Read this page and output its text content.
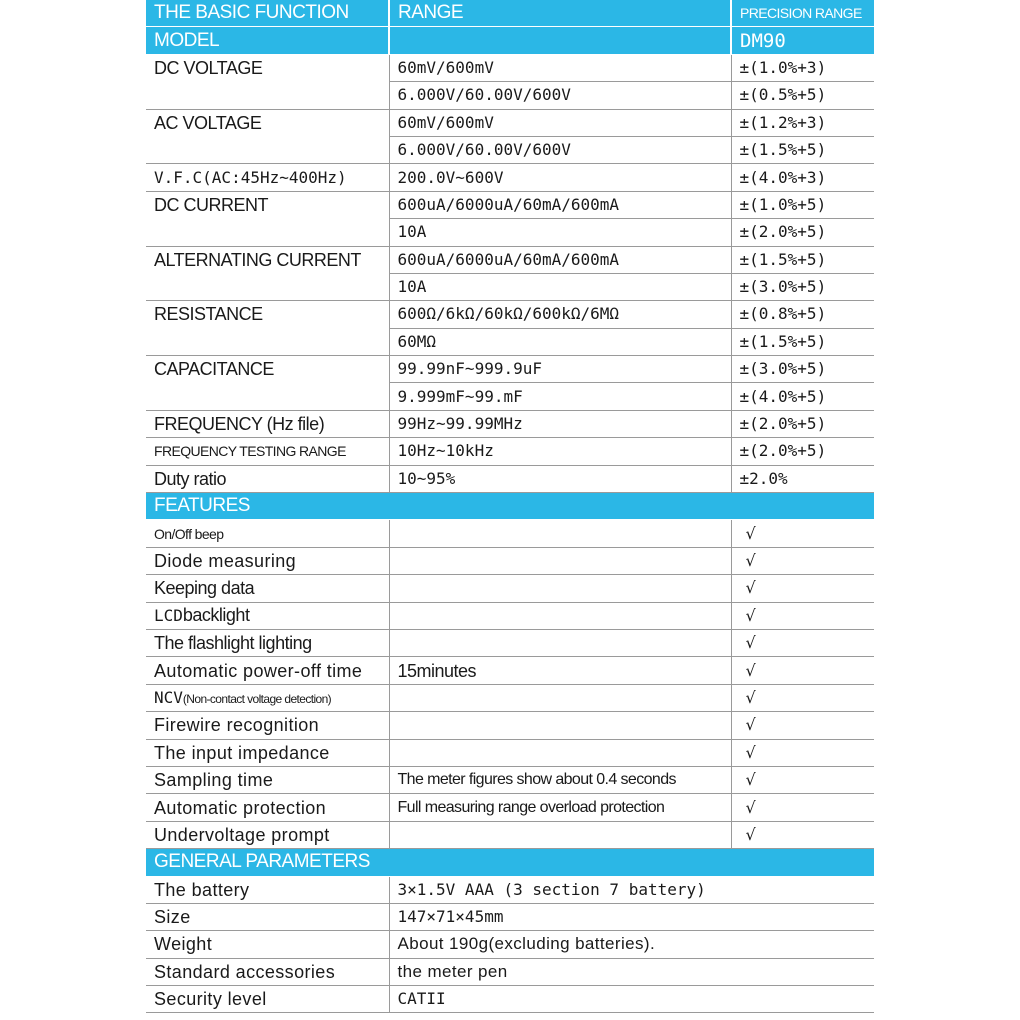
THE BASIC FUNCTION	RANGE	PRECISION RANGE
MODEL		DM90
DC VOLTAGE	60mV/600mV	±(1.0%+3)
	6.000V/60.00V/600V	±(0.5%+5)
AC VOLTAGE	60mV/600mV	±(1.2%+3)
	6.000V/60.00V/600V	±(1.5%+5)
V.F.C(AC:45Hz~400Hz)	200.0V~600V	±(4.0%+3)
DC CURRENT	600uA/6000uA/60mA/600mA	±(1.0%+5)
	10A	±(2.0%+5)
ALTERNATING CURRENT	600uA/6000uA/60mA/600mA	±(1.5%+5)
	10A	±(3.0%+5)
RESISTANCE	600Ω/6kΩ/60kΩ/600kΩ/6MΩ	±(0.8%+5)
	60MΩ	±(1.5%+5)
CAPACITANCE	99.99nF~999.9uF	±(3.0%+5)
	9.999mF~99.mF	±(4.0%+5)
FREQUENCY (Hz file)	99Hz~99.99MHz	±(2.0%+5)
FREQUENCY TESTING RANGE	10Hz~10kHz	±(2.0%+5)
Duty ratio	10~95%	±2.0%
FEATURES		
On/Off beep		√
Diode measuring		√
Keeping data		√
LCDbacklight		√
The flashlight lighting		√
Automatic power-off time	15minutes	√
NCV(Non-contact voltage detection)		√
Firewire recognition		√
The input impedance		√
Sampling time	The meter figures show about 0.4 seconds	√
Automatic protection	Full measuring range overload protection	√
Undervoltage prompt		√
GENERAL PARAMETERS		
The battery	3×1.5V AAA (3 section 7 battery)	
Size	147×71×45mm	
Weight	About 190g(excluding batteries).	
Standard accessories	the meter pen	
Security level	CATII	
